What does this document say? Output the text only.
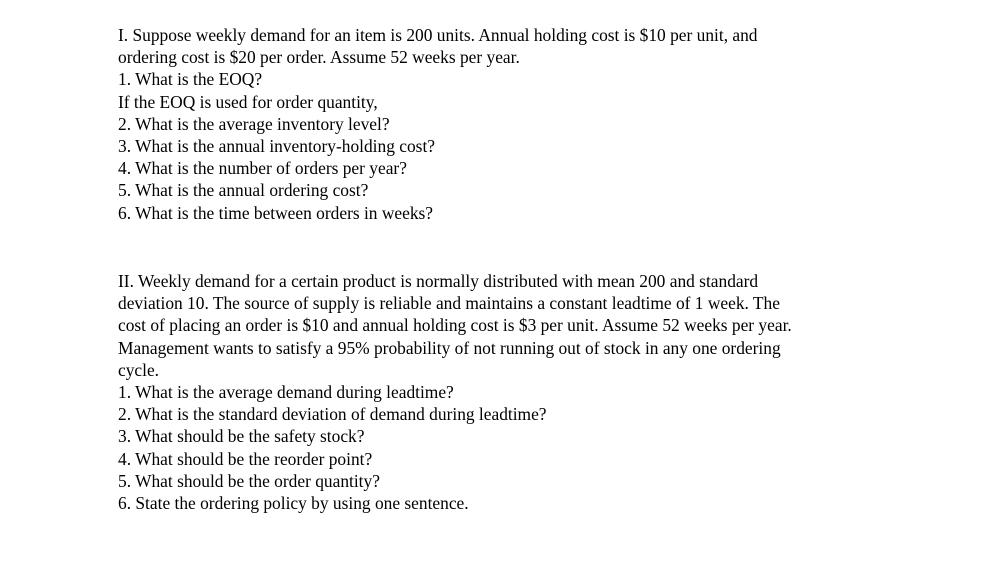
I. Suppose weekly demand for an item is 200 units. Annual holding cost is $10 per unit, and
ordering cost is $20 per order. Assume 52 weeks per year.
1. What is the EOQ?
If the EOQ is used for order quantity,
2. What is the average inventory level?
3. What is the annual inventory-holding cost?
4. What is the number of orders per year?
5. What is the annual ordering cost?
6. What is the time between orders in weeks?
II. Weekly demand for a certain product is normally distributed with mean 200 and standard
deviation 10. The source of supply is reliable and maintains a constant leadtime of 1 week. The
cost of placing an order is $10 and annual holding cost is $3 per unit. Assume 52 weeks per year.
Management wants to satisfy a 95% probability of not running out of stock in any one ordering
cycle.
1. What is the average demand during leadtime?
2. What is the standard deviation of demand during leadtime?
3. What should be the safety stock?
4. What should be the reorder point?
5. What should be the order quantity?
6. State the ordering policy by using one sentence.
